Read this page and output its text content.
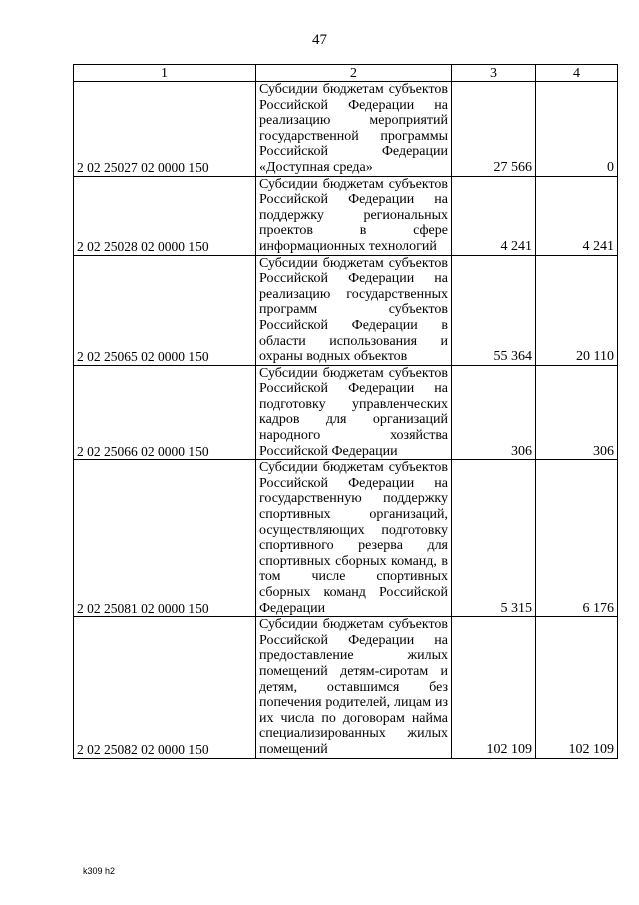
47
1	2	3	4
2 02 25027 02 0000 150	Субсидии бюджетам субъектов Российской Федерации на реализацию мероприятий государственной программы Российской Федерации «Доступная среда»	27 566	0
2 02 25028 02 0000 150	Субсидии бюджетам субъектов Российской Федерации на поддержку региональных проектов в сфере информационных технологий	4 241	4 241
2 02 25065 02 0000 150	Субсидии бюджетам субъектов Российской Федерации на реализацию государственных программ субъектов Российской Федерации в области использования и охраны водных объектов	55 364	20 110
2 02 25066 02 0000 150	Субсидии бюджетам субъектов Российской Федерации на подготовку управленческих кадров для организаций народного хозяйства Российской Федерации	306	306
2 02 25081 02 0000 150	Субсидии бюджетам субъектов Российской Федерации на государственную поддержку спортивных организаций, осуществляющих подготовку спортивного резерва для спортивных сборных команд, в том числе спортивных сборных команд Российской Федерации	5 315	6 176
2 02 25082 02 0000 150	Субсидии бюджетам субъектов Российской Федерации на предоставление жилых помещений детям-сиротам и детям, оставшимся без попечения родителей, лицам из их числа по договорам найма специализированных жилых помещений	102 109	102 109
k309 h2
